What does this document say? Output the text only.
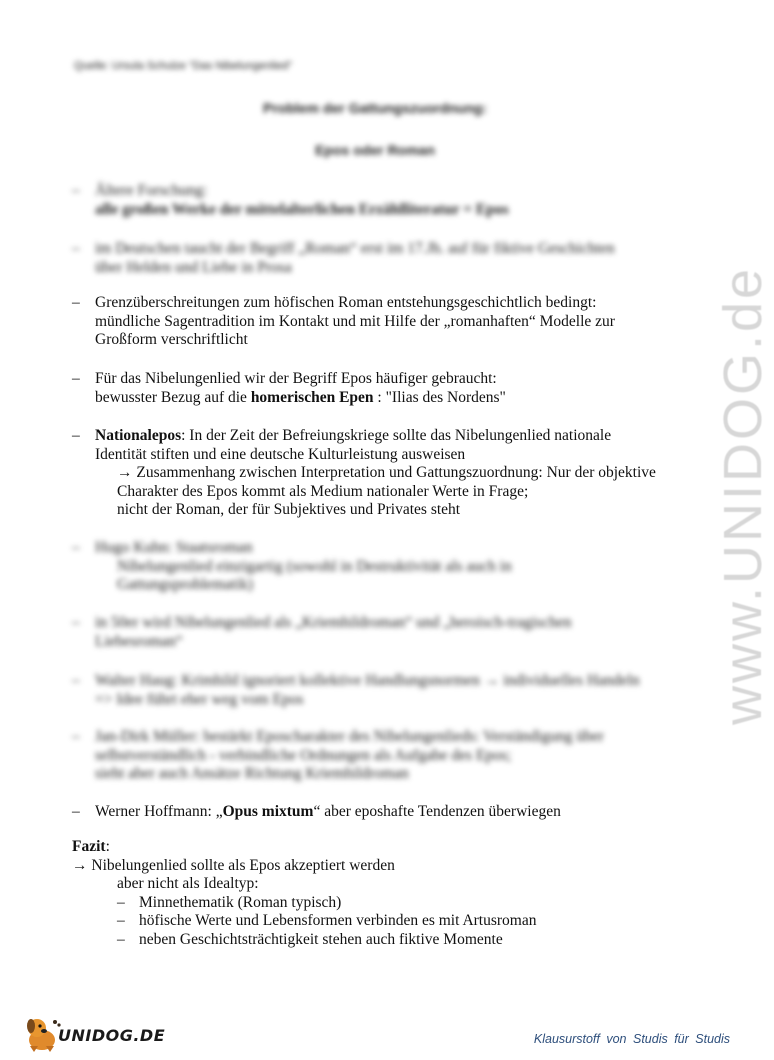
www.UNIDOG.de
Quelle: Ursula Schulze "Das Nibelungenlied"
Problem der Gattungszuordnung:
Epos oder Roman
– Ältere Forschung:
alle großen Werke der mittelalterlichen Erzählliteratur = Epos
– im Deutschen taucht der Begriff „Roman“ erst im 17.Jh. auf für fiktive Geschichten
über Helden und Liebe in Prosa
– Grenzüberschreitungen zum höfischen Roman entstehungsgeschichtlich bedingt:
mündliche Sagentradition im Kontakt und mit Hilfe der „romanhaften“ Modelle zur
Großform verschriftlicht
– Für das Nibelungenlied wir der Begriff Epos häufiger gebraucht:
bewusster Bezug auf die homerischen Epen : "Ilias des Nordens"
– Nationalepos: In der Zeit der Befreiungskriege sollte das Nibelungenlied nationale
Identität stiften und eine deutsche Kulturleistung ausweisen
→ Zusammenhang zwischen Interpretation und Gattungszuordnung: Nur der objektive
Charakter des Epos kommt als Medium nationaler Werte in Frage;
nicht der Roman, der für Subjektives und Privates steht
– Hugo Kuhn: Staatsroman
Nibelungenlied einzigartig (sowohl in Destruktivität als auch in
Gattungsproblematik)
– in 50er wird Nibelungenlied als „Kriemhildroman“ und „heroisch-tragischen
Liebesroman“
– Walter Haug: Krimhild ignoriert kollektive Handlungsnormen → individuelles Handeln
=> Idee führt eher weg vom Epos
– Jan-Dirk Müller: bestärkt Eposcharakter des Nibelungenlieds: Verständigung über
selbstverständlich - verbindliche Ordnungen als Aufgabe des Epos;
sieht aber auch Ansätze Richtung Kriemhildroman
– Werner Hoffmann: „Opus mixtum“ aber eposhafte Tendenzen überwiegen
Fazit:
→ Nibelungenlied sollte als Epos akzeptiert werden
aber nicht als Idealtyp:
– Minnethematik (Roman typisch)
– höfische Werte und Lebensformen verbinden es mit Artusroman
– neben Geschichtsträchtigkeit stehen auch fiktive Momente
UNIDOG.DE	Klausurstoff von Studis für Studis
